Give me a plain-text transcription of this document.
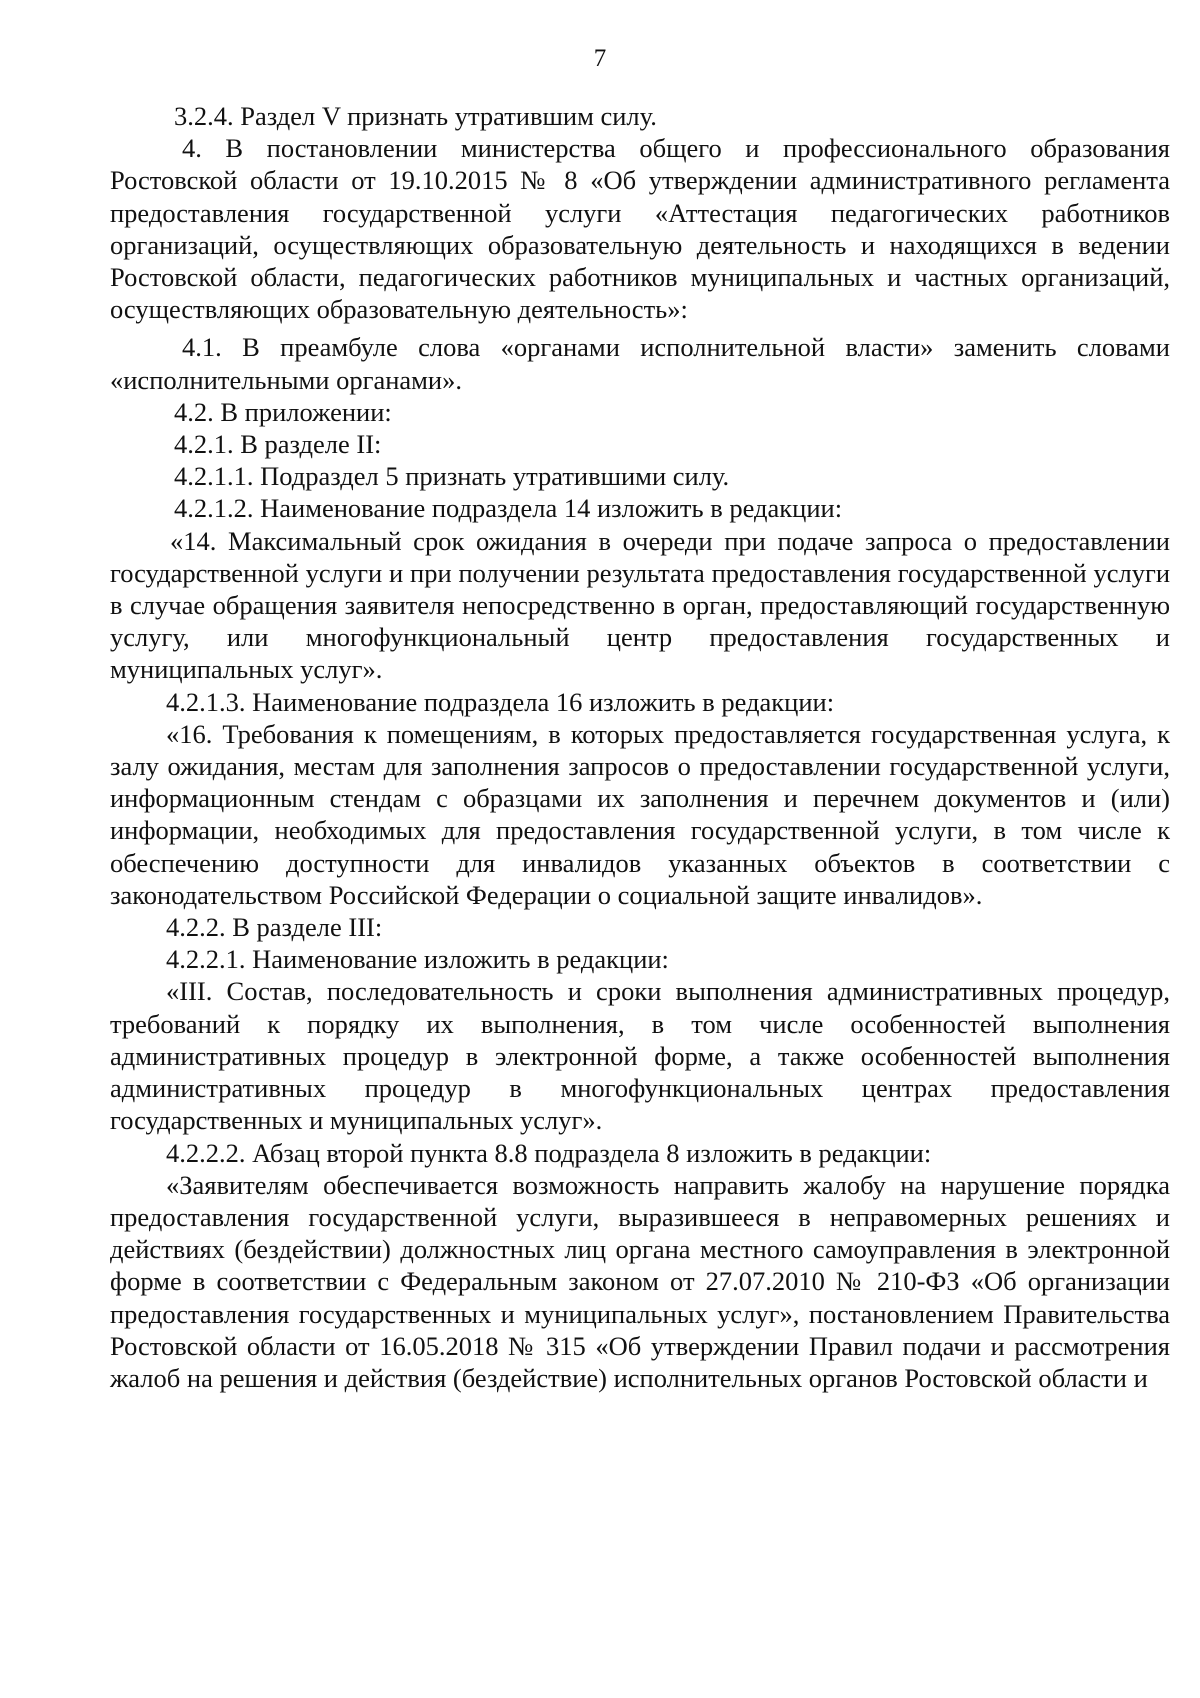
7

3.2.4. Раздел V признать утратившим силу.

4. В постановлении министерства общего и профессионального образования Ростовской области от 19.10.2015 № 8 «Об утверждении административного регламента предоставления государственной услуги «Аттестация педагогических работников организаций, осуществляющих образовательную деятельность и находящихся в ведении Ростовской области, педагогических работников муниципальных и частных организаций, осуществляющих образовательную деятельность»:

4.1. В преамбуле слова «органами исполнительной власти» заменить словами «исполнительными органами».

4.2. В приложении:

4.2.1. В разделе II:

4.2.1.1. Подраздел 5 признать утратившими силу.

4.2.1.2. Наименование подраздела 14 изложить в редакции:

«14. Максимальный срок ожидания в очереди при подаче запроса о предоставлении государственной услуги и при получении результата предоставления государственной услуги в случае обращения заявителя непосредственно в орган, предоставляющий государственную услугу, или многофункциональный центр предоставления государственных и муниципальных услуг».

4.2.1.3. Наименование подраздела 16 изложить в редакции:

«16. Требования к помещениям, в которых предоставляется государственная услуга, к залу ожидания, местам для заполнения запросов о предоставлении государственной услуги, информационным стендам с образцами их заполнения и перечнем документов и (или) информации, необходимых для предоставления государственной услуги, в том числе к обеспечению доступности для инвалидов указанных объектов в соответствии с законодательством Российской Федерации о социальной защите инвалидов».

4.2.2. В разделе III:

4.2.2.1. Наименование изложить в редакции:

«III. Состав, последовательность и сроки выполнения административных процедур, требований к порядку их выполнения, в том числе особенностей выполнения административных процедур в электронной форме, а также особенностей выполнения административных процедур в многофункциональных центрах предоставления государственных и муниципальных услуг».

4.2.2.2. Абзац второй пункта 8.8 подраздела 8 изложить в редакции:

«Заявителям обеспечивается возможность направить жалобу на нарушение порядка предоставления государственной услуги, выразившееся в неправомерных решениях и действиях (бездействии) должностных лиц органа местного самоуправления в электронной форме в соответствии с Федеральным законом от 27.07.2010 № 210-ФЗ «Об организации предоставления государственных и муниципальных услуг», постановлением Правительства Ростовской области от 16.05.2018 № 315 «Об утверждении Правил подачи и рассмотрения жалоб на решения и действия (бездействие) исполнительных органов Ростовской области и
